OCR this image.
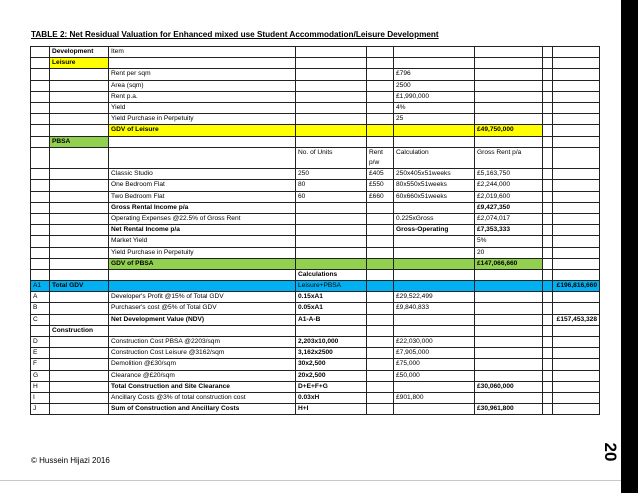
TABLE 2: Net Residual Valuation for Enhanced mixed use Student Accommodation/Leisure Development
	Development	Item						
	Leisure							
		Rent per sqm			£796			
		Area (sqm)			2500			
		Rent p.a.			£1,990,000			
		Yield			4%			
		Yield Purchase in Perpetuity			25			
		GDV of Leisure				£49,750,000		
	PBSA							
			No. of Units	Rent p/w	Calculation	Gross Rent p/a		
		Classic Studio	250	£405	250x405x51weeks	£5,163,750		
		One Bedroom Flat	80	£550	80x550x51weeks	£2,244,000		
		Two Bedroom Flat	60	£660	60x660x51weeks	£2,019,600		
		Gross Rental Income p/a				£9,427,350		
		Operating Expenses @22.5% of Gross Rent			0.225xGross	£2,074,017		
		Net Rental Income p/a			Gross-Operating	£7,353,333		
		Market Yield				5%		
		Yield Purchase in Perpetuity				20		
		GDV of PBSA				£147,066,660		
			Calculations					
A1	Total GDV		Leisure+PBSA					£196,816,660
A		Developer's Profit @15% of Total GDV	0.15xA1		£29,522,499			
B		Purchaser's cost @5% of Total GDV	0.05xA1		£9,840,833			
C		Net Development Value (NDV)	A1-A-B					£157,453,328
	Construction							
D		Construction Cost PBSA @2203/sqm	2,203x10,000		£22,030,000			
E		Construction Cost Leisure @3162/sqm	3,162x2500		£7,905,000			
F		Demolition @£30/sqm	30x2,500		£75,000			
G		Clearance @£20/sqm	20x2,500		£50,000			
H		Total Construction and Site Clearance	D+E+F+G			£30,060,000		
I		Ancillary Costs @3% of total construction cost	0.03xH		£901,800			
J		Sum of Construction and Ancillary Costs	H+I			£30,961,800		
20
© Hussein Hijazi 2016
